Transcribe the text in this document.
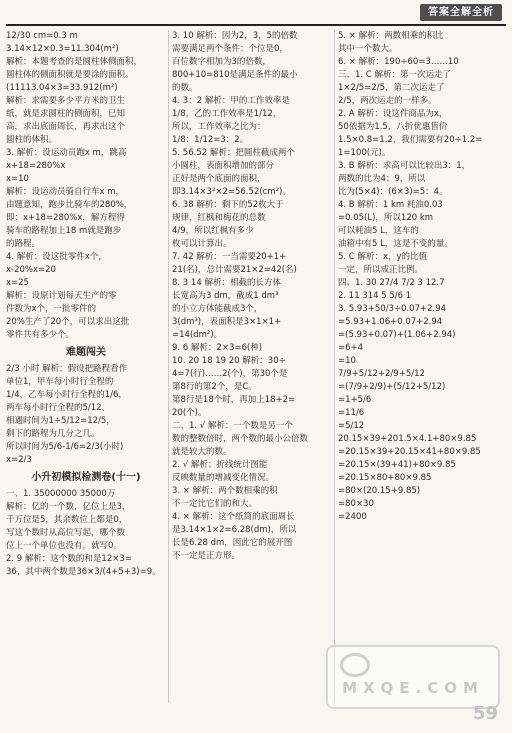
答案全解全析
12/30 cm=0.3 m
3.14×12×0.3=11.304(m²)
解析：本题考查的是圆柱体侧面积，
圆柱体的侧面积就是要涂的面积。
(11113.04×3=33.912(m²)
解析：求需要多少平方米的卫生
纸，就是求圆柱的侧面积，已知
高，求出底面周长，再求出这个
圆柱的体积。
3. 解析：设运动员跑x m，跳高
x+18=280%x
x=10
解析：设运动员骑自行车x m，
由题意知，跑步比骑车的280%，
即：x+18=280%x，解方程得
骑车的路程加上18 m就是跑步
的路程。
4. 解析：设这批零件x个，
x-20%x=20
x=25
解析：设原计划每天生产的零
件数为x个，一批零件的
20%生产了20个，可以求出这批
零件共有多少个。
难题闯关
2/3 小时 解析：假设把路程看作
单位1，甲车每小时行全程的
1/4，乙车每小时行全程的1/6，
两车每小时行全程的5/12，
相遇时间为1÷5/12=12/5，
剩下的路程为几分之几。
所以时间为5/6-1/6=2/3(小时)
x=2/3
小升初模拟检测卷(十一)
一、1. 35000000 35000万
解析：亿的一个数，亿位上是3，
千万位是5，其余数位上都是0，
写这个数时从高位写起，哪个数
位上一个单位也没有，就写0。
2. 9 解析：这个数的和是12×3=
36，其中两个数是36×3/(4+5+3)=9。
3. 10 解析：因为2，3，5的倍数
需要满足两个条件：个位是0，
百位数字相加为3的倍数，
800+10=810是满足条件的最小
的数。
4. 3：2 解析：甲的工作效率是
1/8，乙的工作效率是1/12，
所以，工作效率之比为：
1/8：1/12=3：2。
5. 56.52 解析：把圆柱截成两个
小圆柱，表面积增加的部分
正好是两个底面的面积，
即3.14×3²×2=56.52(cm²)。
6. 38 解析：剩下的52枚大于
规律，红枫和梅花的总数
4/9，所以红枫有多少
枚可以计算出。
7. 42 解析：一当需要20+1+
21(名)，总计需要21×2=42(名)
8. 3 14 解析：相截的长方体
长宽高为3 dm，截成1 dm³
的小立方体能截成3个，
3(dm³)，表面积是3×1×1+
=14(dm²)。
9. 6 解析：2×3=6(种)
10. 20 18 19 20 解析：30÷
4=7(行)……2(个)，第30个是
第8行的第2个，是C。
第8行是18个时，再加上18+2=
20(个)。
二、1. √ 解析：一个数是另一个
数的整数倍时，两个数的最小公倍数
就是较大的数。
2. √ 解析：折线统计图能
反映数量的增减变化情况。
3. × 解析：两个数相乘的积
不一定比它们的和大。
4. × 解析：这个纸筒的底面周长
是3.14×1×2=6.28(dm)，所以
长是6.28 dm，因此它的展开图
不一定是正方形。
5. × 解析：两数相乘的积比
其中一个数大。
6. × 解析：190÷60=3……10
三、1. C 解析：第一次运走了
1×2/5=2/5，第二次运走了
2/5，两次运走的一样多。
2. A 解析：设这件商品为x，
50依据为1.5，八折优惠售价
1.5×0.8=1.2，我们需要有20÷1.2=
1=100(元)。
3. B 解析：求高可以比较出3：1，
两数的比为4：9，所以
比为(5×4)：(6×3)=5：4。
4. B 解析：1 km 耗油0.03
=0.05(L)，所以120 km
可以耗油5 L，这车的
油箱中有5 L，这是不变的量。
5. C 解析：x，y的比值
一定，所以成正比例。
四、1. 30 27/4 7/2 3 12.7
2. 11 314 5 5/6 1
3. 5.93+50/3÷0.07+2.94
=5.93+1.06+0.07+2.94
=(5.93+0.07)+(1.06+2.94)
=6+4
=10
7/9+5/12+2/9+5/12
=(7/9+2/9)+(5/12+5/12)
=1+5/6
=11/6
=5/12
20.15×39+201.5×4.1+80×9.85
=20.15×39+20.15×41+80×9.85
=20.15×(39+41)+80×9.85
=20.15×80+80×9.85
=80×(20.15+9.85)
=80×30
=2400
MXQE.COM
59
